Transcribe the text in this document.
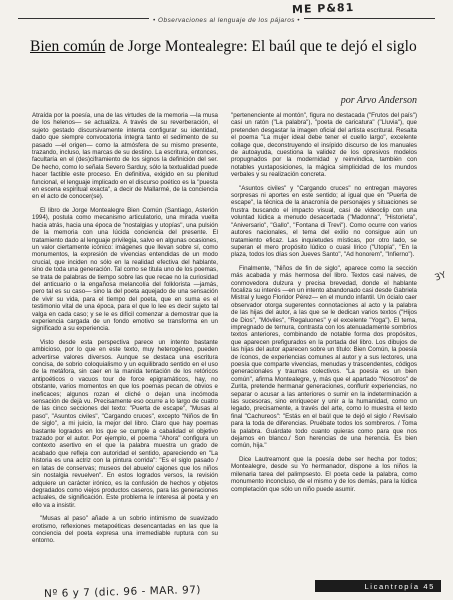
ME P&81
• Observaciones al lenguaje de los pájaros •
Bien común de Jorge Montealegre: El baúl que te dejó el siglo
por Arvo Anderson

Atraída por la poesía, una de las virtudes de la memoria —la musa de los helenos— se actualiza. A través de su reverberación, el sujeto gestado discursivamente intenta configurar su identidad, dado que siempre convocatoria íntegra tanto el sedimento de su pasado —el origen— como la atmósfera de su mismo presente, trazando, incluso, las marcas de su destino. La escritura, entonces, facultaría en el (des)ciframiento de los signos la definición del ser. De hecho, como lo señala Severo Sarduy, sólo la textualidad puede hacer factible este proceso. En definitiva, exigido en su plenitud funcional, el lenguaje implicado en el discurso poético es la "puesta en escena espiritual exacta", a decir de Mallarmé, de la conciencia en el acto de conocer(se).

El libro de Jorge Montealegre Bien Común (Santiago, Asterión 1994), postula como mecanismo articulatorio, una mirada vuelta hacia atrás, hacia una época de "nostalgias y utopías", una pulsión de la memoria con una lúcida conciencia del presente. El tratamiento dado al lenguaje privilegia, salvo en algunas ocasiones, un valor ciertamente icónico: imágenes que llevan sobre sí, como monumentos, la expresión de vivencias entendidas de un modo crucial, que inciden no sólo en la realidad efectiva del hablante, sino de toda una generación. Tal como se titula uno de los poemas, se trata de palabras de tiempo sobre las que recae no la curiosidad del anticuario o la engañosa melancolía del folklorista —jamás, pero tal es su caso— sino la del poeta aquejado de una sensación de vivir su vida, para el tiempo del poeta, que en suma es el testimonio vital de una época, para el que lo lee es decir sujeto tal valga en cada caso; y se le es difícil comenzar a demostrar que la experiencia cargada de un fondo emotivo se transforma en un significado a su experiencia.

Visto desde esta perspectiva parece un intento bastante ambicioso, por lo que en este texto, muy heterogéneo, pueden advertirse valores diversos. Aunque se destaca una escritura concisa, de sobrio coloquialismo y un equilibrado sentido en el uso de la metáfora, sin caer en la manida tentación de los retóricos antipoéticos o vacuos tour de force epigramáticos, hay, no obstante, varios momentos en que los poemas pecan de obvios e ineficaces; algunos rozan el cliché o dejan una incómoda sensación de dejà vu. Precisamente eso ocurre a lo largo de cuatro de las cinco secciones del texto: "Puerta de escape", "Musas al paso", "Asuntos civiles", "Cargando cruces", excepto "Niños de fin de siglo", a mi juicio, la mejor del libro. Claro que hay poemas bastante logrados en los que se cumple a cabalidad el objetivo trazado por el autor. Por ejemplo, el poema "Ahora" configura un contexto asertivo en el que la palabra muestra un grado de acabado que refleja con autoridad el sentido, apareciendo en "La historia es una actriz con la pintura corrida": "Es el siglo pasado / en latas de conservas; museos del abuelo/ cajones que los niños sin nostalgia revuelven". En estos logrados versos, la revisión adquiere un carácter irónico, es la confusión de hechos y objetos degradados como viejos productos caseros, para las generaciones actuales, de significación. Este problema le interesa al poeta y en ello va a insistir.

"Musas al paso" añade a un sobrio intimismo de suavizado erotismo, reflexiones metapoéticas desencantadas en las que la conciencia del poeta expresa una irremediable ruptura con su entorno.

"pertenenciente al montón", figura no destacada ("Frutos del país") casi un ratón ("La palabra"), "poeta de caricatura" ("Lluvia"), que pretenden desgastar la imagen oficial del artista escritural. Resalta el poema "La mujer ideal debe tener el cuello largo", excelente collage que, deconstruyendo el insípido discurso de los manuales de autoayuda, cuestiona la validez de los opresivos modelos propugnados por la modernidad y reinvindica, también con notables yuxtaposiciones, la mágica simplicidad de los mundos verbales y su realización concreta.

"Asuntos civiles" y "Cargando cruces" no entregan mayores sorpresas ni aportes en este sentido; al igual que en "Puerta de escape", la técnica de la anacronía de personajes y situaciones se frustra buscando el impacto visual, casi de videoclip con una voluntad lúdica a menudo desacertada ("Madonna", "Historieta", "Aniversario", "Gallo", "Fontana di Trevi"). Como ocurre con varios autores nacionales, el tema del exilio no consigue aún un tratamiento eficaz. Las inquietudes místicas, por otro lado, se superan el mero propósito lúdico o cuasi lírico ("Utopía", "En la plaza, todos los días son Jueves Santo", "Ad honorem", "Infierno").

Finalmente, "Niños de fin de siglo", aparece como la sección más acabada y más hermosa del libro. Textos casi naives, de conmovedora dulzura y precisa brevedad, donde el hablante focaliza su interés —en un intento abandonado casi desde Gabriela Mistral y luego Floridor Pérez— en el mundo infantil. Un ócialo caer observador otorga sugerentes connotaciones al acto y la palabra de las hijas del autor, a las que se le dedican varios textos ("Hijos de Dios", "Móviles", "Regaluones" y el excelente "Yoga"). El tema, impregnado de ternura, contrasta con los atenuadamente sombríos textos anteriores, combinando de notable forma dos propósitos, que aparecen prefigurados en la portada del libro. Los dibujos de las hijas del autor aparecen sobre un título: Bien Común, la poesía de íconos, de experiencias comunes al autor y a sus lectores, una poesía que comparte vivencias, menudas y trascendentes, códigos generacionales y traumas colectivos. "La poesía es un bien común", afirma Montealegre, y, más que el apartado "Nosotros" de Zurita, pretende hermanar generaciones, conflurir experiencias, no separar o acusar a las anteriores o sumir en la indeterminación a las sucesoras, sino enriquecer y unir a la humanidad, como un legado, precisamente, a través del arte, como lo muestra el texto final "Cachureos": "Estás en el baúl que te dejó el siglo / Revísalo para la toda de diferencias. Pruébate todos los sombreros. / Toma la palabra. Guárdate todo cuanto quieras como para que nos dejamos en blanco./ Son herencias de una herencia. Es bien común, hija."

Dice Lautreamont que la poesía debe ser hecha por todos; Montealegre, desde su Yo hermanador, dispone a los niños la milenaria tarea del palimpsesto. El poeta cede la palabra, como monumento inconcluso, de el mismo y de los demás, para la lúdica completación que sólo un niño puede asumir.

3Y
Nº 6 y 7 (dic. 96 - MAR. 97)	Licantropía 45
